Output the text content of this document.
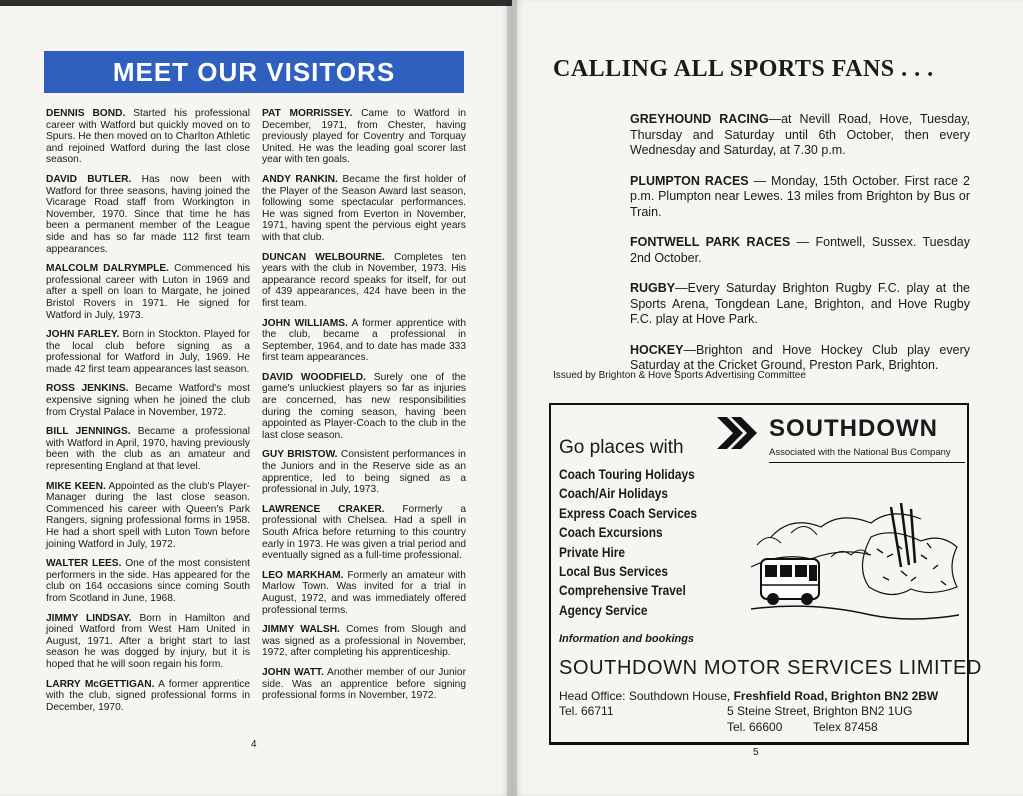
MEET OUR VISITORS
DENNIS BOND. Started his professional career with Watford but quickly moved on to Spurs. He then moved on to Charlton Athletic and rejoined Watford during the last close season.
DAVID BUTLER. Has now been with Watford for three seasons, having joined the Vicarage Road staff from Workington in November, 1970. Since that time he has been a permanent member of the League side and has so far made 112 first team appearances.
MALCOLM DALRYMPLE. Commenced his professional career with Luton in 1969 and after a spell on loan to Margate, he joined Bristol Rovers in 1971. He signed for Watford in July, 1973.
JOHN FARLEY. Born in Stockton. Played for the local club before signing as a professional for Watford in July, 1969. He made 42 first team appearances last season.
ROSS JENKINS. Became Watford's most expensive signing when he joined the club from Crystal Palace in November, 1972.
BILL JENNINGS. Became a professional with Watford in April, 1970, having previously been with the club as an amateur and representing England at that level.
MIKE KEEN. Appointed as the club's Player-Manager during the last close season. Commenced his career with Queen's Park Rangers, signing professional forms in 1958. He had a short spell with Luton Town before joining Watford in July, 1972.
WALTER LEES. One of the most consistent performers in the side. Has appeared for the club on 164 occasions since coming South from Scotland in June, 1968.
JIMMY LINDSAY. Born in Hamilton and joined Watford from West Ham United in August, 1971. After a bright start to last season he was dogged by injury, but it is hoped that he will soon regain his form.
LARRY McGETTIGAN. A former apprentice with the club, signed professional forms in December, 1970.
PAT MORRISSEY. Came to Watford in December, 1971, from Chester, having previously played for Coventry and Torquay United. He was the leading goal scorer last year with ten goals.
ANDY RANKIN. Became the first holder of the Player of the Season Award last season, following some spectacular performances. He was signed from Everton in November, 1971, having spent the pervious eight years with that club.
DUNCAN WELBOURNE. Completes ten years with the club in November, 1973. His appearance record speaks for itself, for out of 439 appearances, 424 have been in the first team.
JOHN WILLIAMS. A former apprentice with the club, became a professional in September, 1964, and to date has made 333 first team appearances.
DAVID WOODFIELD. Surely one of the game's unluckiest players so far as injuries are concerned, has new responsibilities during the coming season, having been appointed as Player-Coach to the club in the last close season.
GUY BRISTOW. Consistent performances in the Juniors and in the Reserve side as an apprentice, led to being signed as a professional in July, 1973.
LAWRENCE CRAKER. Formerly a professional with Chelsea. Had a spell in South Africa before returning to this country early in 1973. He was given a trial period and eventually signed as a full-time professional.
LEO MARKHAM. Formerly an amateur with Marlow Town. Was invited for a trial in August, 1972, and was immediately offered professional terms.
JIMMY WALSH. Comes from Slough and was signed as a professional in November, 1972, after completing his apprenticeship.
JOHN WATT. Another member of our Junior side. Was an apprentice before signing professional forms in November, 1972.
4
CALLING ALL SPORTS FANS . . .
GREYHOUND RACING—at Nevill Road, Hove, Tuesday, Thursday and Saturday until 6th October, then every Wednesday and Saturday, at 7.30 p.m.
PLUMPTON RACES — Monday, 15th October. First race 2 p.m. Plumpton near Lewes. 13 miles from Brighton by Bus or Train.
FONTWELL PARK RACES — Fontwell, Sussex. Tuesday 2nd October.
RUGBY—Every Saturday Brighton Rugby F.C. play at the Sports Arena, Tongdean Lane, Brighton, and Hove Rugby F.C. play at Hove Park.
HOCKEY—Brighton and Hove Hockey Club play every Saturday at the Cricket Ground, Preston Park, Brighton.
Issued by Brighton & Hove Sports Advertising Committee
Go places with
SOUTHDOWN
Associated with the National Bus Company
Coach Touring Holidays
Coach/Air Holidays
Express Coach Services
Coach Excursions
Private Hire
Local Bus Services
Comprehensive Travel
Agency Service
Information and bookings
SOUTHDOWN MOTOR SERVICES LIMITED
Head Office: Southdown House, Freshfield Road, Brighton BN2 2BW
Tel. 66711	5 Steine Street, Brighton BN2 1UG
Tel. 66600	Telex 87458
5
